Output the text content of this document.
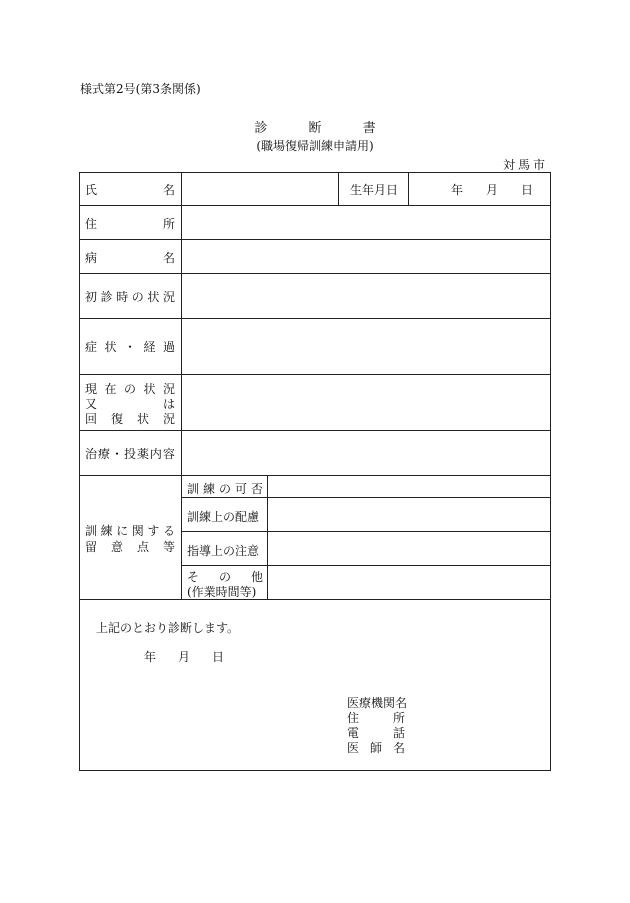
様式第2号(第3条関係)
診	断	書
(職場復帰訓練申請用)
対馬市
氏	名	生年月日	年 月 日
住	所
病	名
初 診 時 の 状 況
症 状 ・ 経 過
現 在 の 状 況
又	は
回 復 状 況
治 療 ・ 投 薬 内 容
訓 練 に 関 す る
留 意 点 等
訓練の可否
訓練上の配慮
指導上の注意
その他
(作業時間等)
上記のとおり診断します。
年 月 日
医 療 機 関 名
住所
電話
医師名
